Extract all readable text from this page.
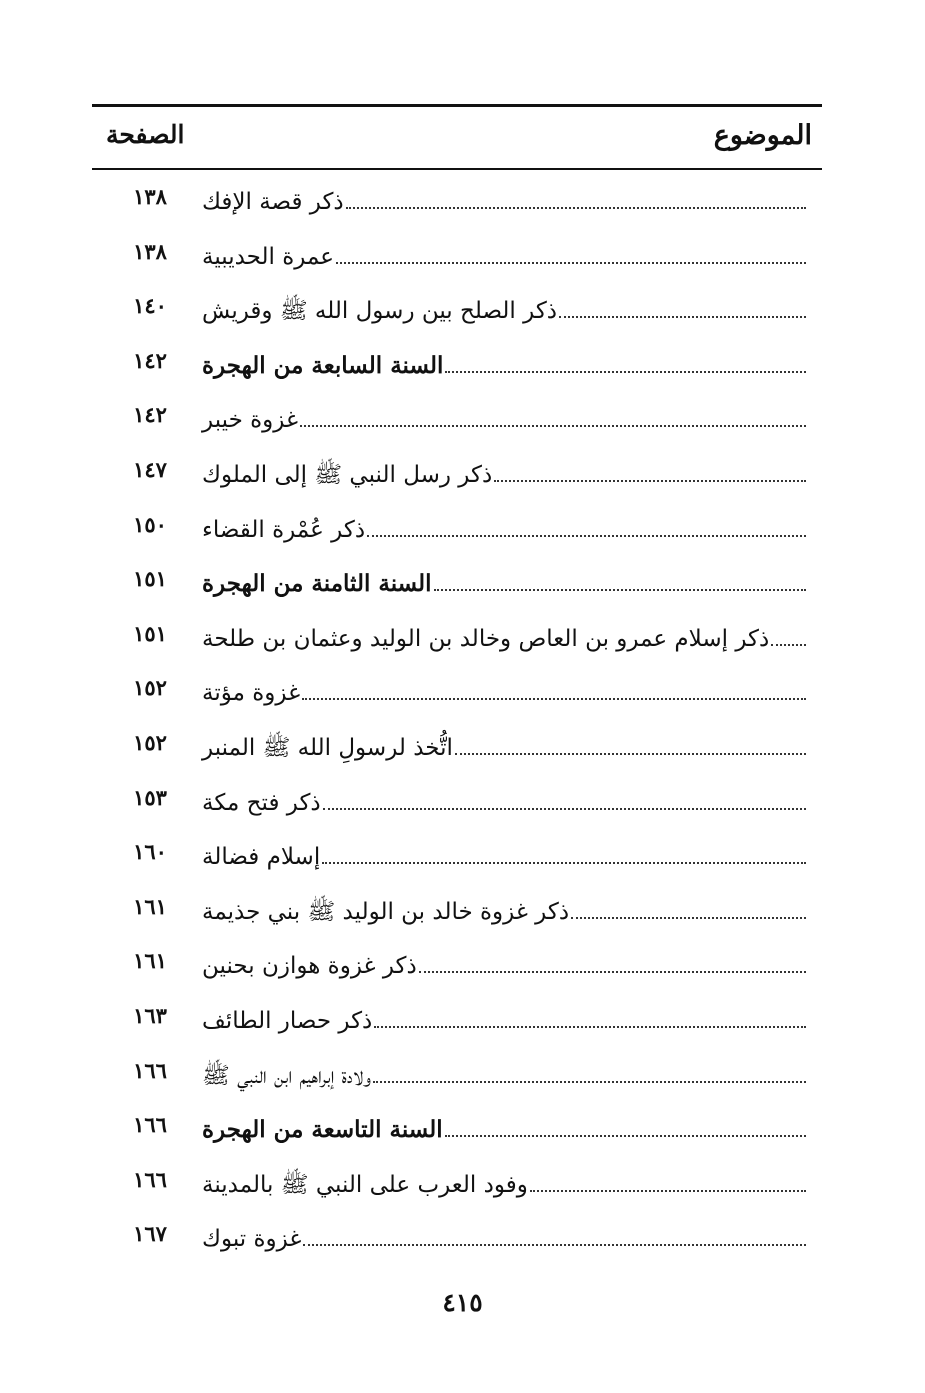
الموضوع
الصفحة
ذكر قصة الإفك
١٣٨
عمرة الحديبية
١٣٨
ذكر الصلح بين رسول الله ﷺ وقريش
١٤٠
السنة السابعة من الهجرة
١٤٢
غزوة خيبر
١٤٢
ذكر رسل النبي ﷺ إلى الملوك
١٤٧
ذكر عُمْرة القضاء
١٥٠
السنة الثامنة من الهجرة
١٥١
ذكر إسلام عمرو بن العاص وخالد بن الوليد وعثمان بن طلحة
١٥١
غزوة مؤتة
١٥٢
اتُّخذ لرسولِ الله ﷺ المنبر
١٥٢
ذكر فتح مكة
١٥٣
إسلام فضالة
١٦٠
ذكر غزوة خالد بن الوليد ﷺ بني جذيمة
١٦١
ذكر غزوة هوازن بحنين
١٦١
ذكر حصار الطائف
١٦٣
ولادة إبراهيم ابن النبي ﷺ
١٦٦
السنة التاسعة من الهجرة
١٦٦
وفود العرب على النبي ﷺ بالمدينة
١٦٦
غزوة تبوك
١٦٧
٤١٥
